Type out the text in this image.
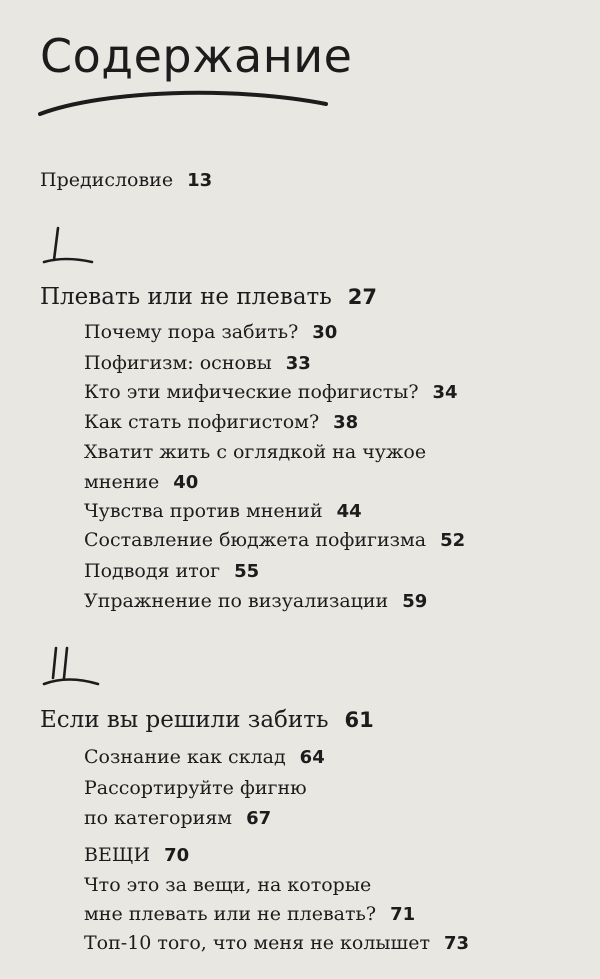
Содержание
Предисловие 13
Плевать или не плевать 27
Почему пора забить? 30
Пофигизм: основы 33
Кто эти мифические пофигисты? 34
Как стать пофигистом? 38
Хватит жить с оглядкой на чужое
мнение 40
Чувства против мнений 44
Составление бюджета пофигизма 52
Подводя итог 55
Упражнение по визуализации 59
Если вы решили забить 61
Сознание как склад 64
Рассортируйте фигню
по категориям 67
ВЕЩИ 70
Что это за вещи, на которые
мне плевать или не плевать? 71
Топ-10 того, что меня не колышет 73
